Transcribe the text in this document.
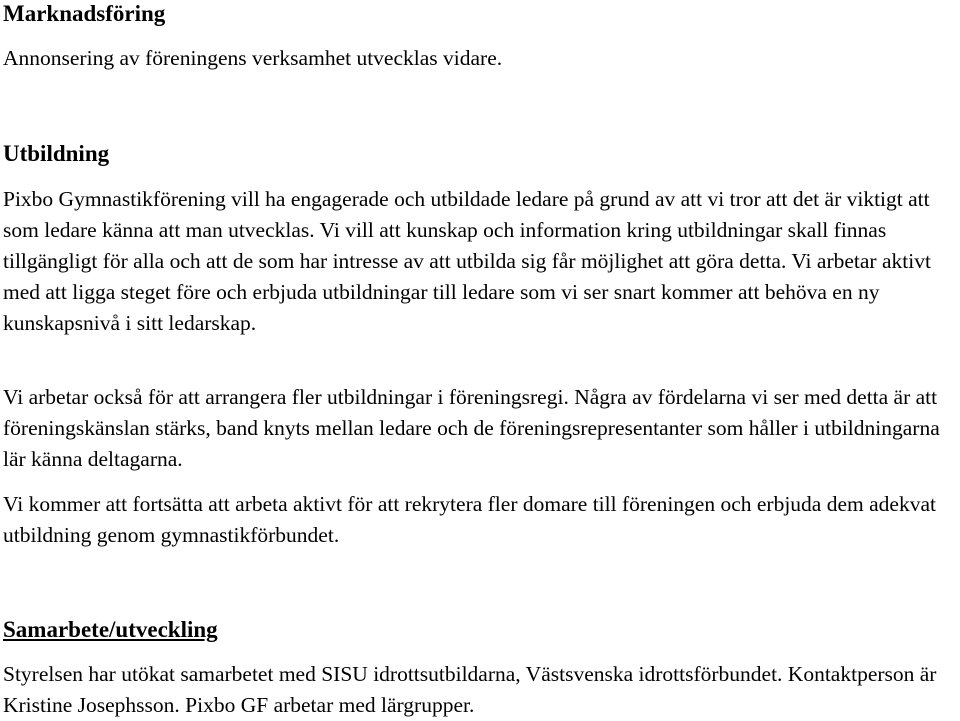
Marknadsföring

Annonsering av föreningens verksamhet utvecklas vidare.

Utbildning

Pixbo Gymnastikförening vill ha engagerade och utbildade ledare på grund av att vi tror att det är viktigt att som ledare känna att man utvecklas. Vi vill att kunskap och information kring utbildningar skall finnas tillgängligt för alla och att de som har intresse av att utbilda sig får möjlighet att göra detta. Vi arbetar aktivt med att ligga steget före och erbjuda utbildningar till ledare som vi ser snart kommer att behöva en ny kunskapsnivå i sitt ledarskap.

Vi arbetar också för att arrangera fler utbildningar i föreningsregi. Några av fördelarna vi ser med detta är att föreningskänslan stärks, band knyts mellan ledare och de föreningsrepresentanter som håller i utbildningarna lär känna deltagarna.

Vi kommer att fortsätta att arbeta aktivt för att rekrytera fler domare till föreningen och erbjuda dem adekvat utbildning genom gymnastikförbundet.

Samarbete/utveckling

Styrelsen har utökat samarbetet med SISU idrottsutbildarna, Västsvenska idrottsförbundet. Kontaktperson är Kristine Josephsson. Pixbo GF arbetar med lärgrupper.
